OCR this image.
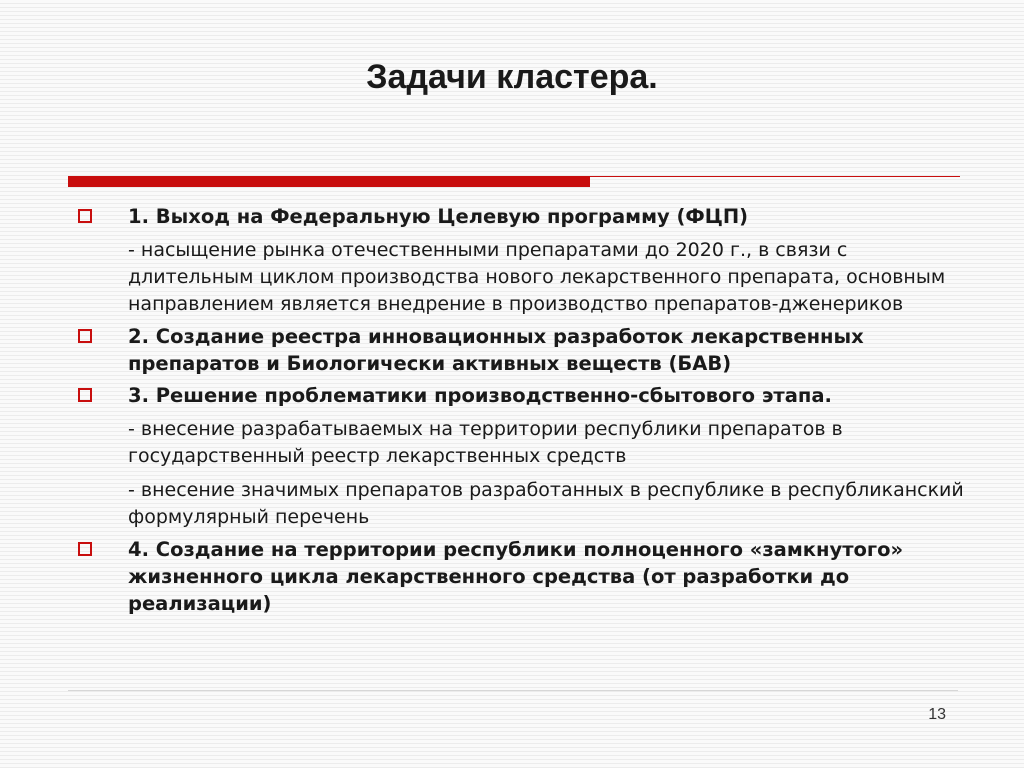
Задачи кластера.
1. Выход на Федеральную Целевую программу (ФЦП)
- насыщение рынка отечественными препаратами до 2020 г., в связи с длительным циклом производства нового лекарственного препарата, основным направлением является внедрение в производство препаратов-дженериков
2. Создание реестра инновационных разработок лекарственных препаратов и Биологически активных веществ (БАВ)
3. Решение проблематики производственно-сбытового этапа.
- внесение разрабатываемых на территории республики препаратов в государственный реестр лекарственных средств
- внесение значимых препаратов разработанных в республике в республиканский формулярный перечень
4. Создание на территории республики полноценного «замкнутого» жизненного цикла лекарственного средства (от разработки до реализации)
13
